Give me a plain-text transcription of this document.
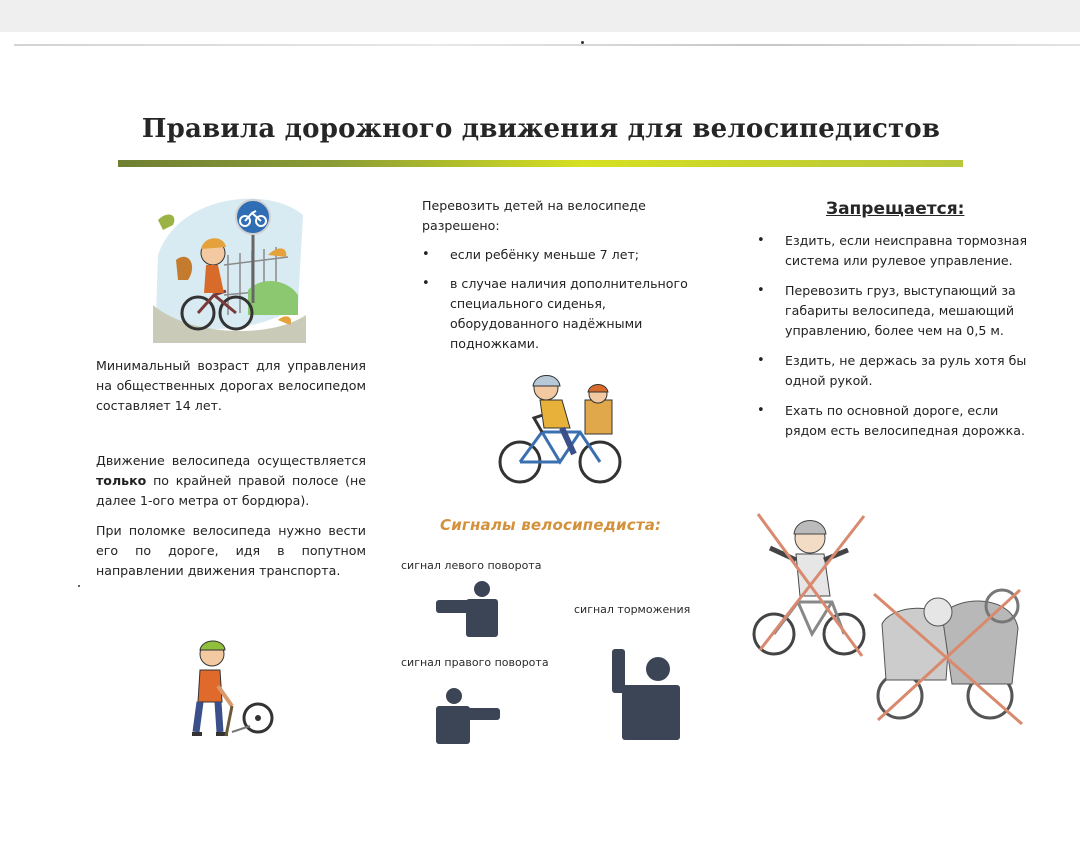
Правила дорожного движения для велосипедистов
Минимальный возраст для управления на общественных дорогах велосипедом составляет 14 лет.
Движение велосипеда осуществляется только по крайней правой полосе (не далее 1-ого метра от бордюра).
При поломке велосипеда нужно вести его по дороге, идя в попутном направлении движения транспорта.
Перевозить детей на велосипеде разрешено:
• если ребёнку меньше 7 лет;
• в случае наличия дополнительного специального сиденья, оборудованного надёжными подножками.
Сигналы велосипедиста:
сигнал левого поворота
сигнал торможения
сигнал правого поворота
Запрещается:
• Ездить, если неисправна тормозная система или рулевое управление.
• Перевозить груз, выступающий за габариты велосипеда, мешающий управлению, более чем на 0,5 м.
• Ездить, не держась за руль хотя бы одной рукой.
• Ехать по основной дороге, если рядом есть велосипедная дорожка.
